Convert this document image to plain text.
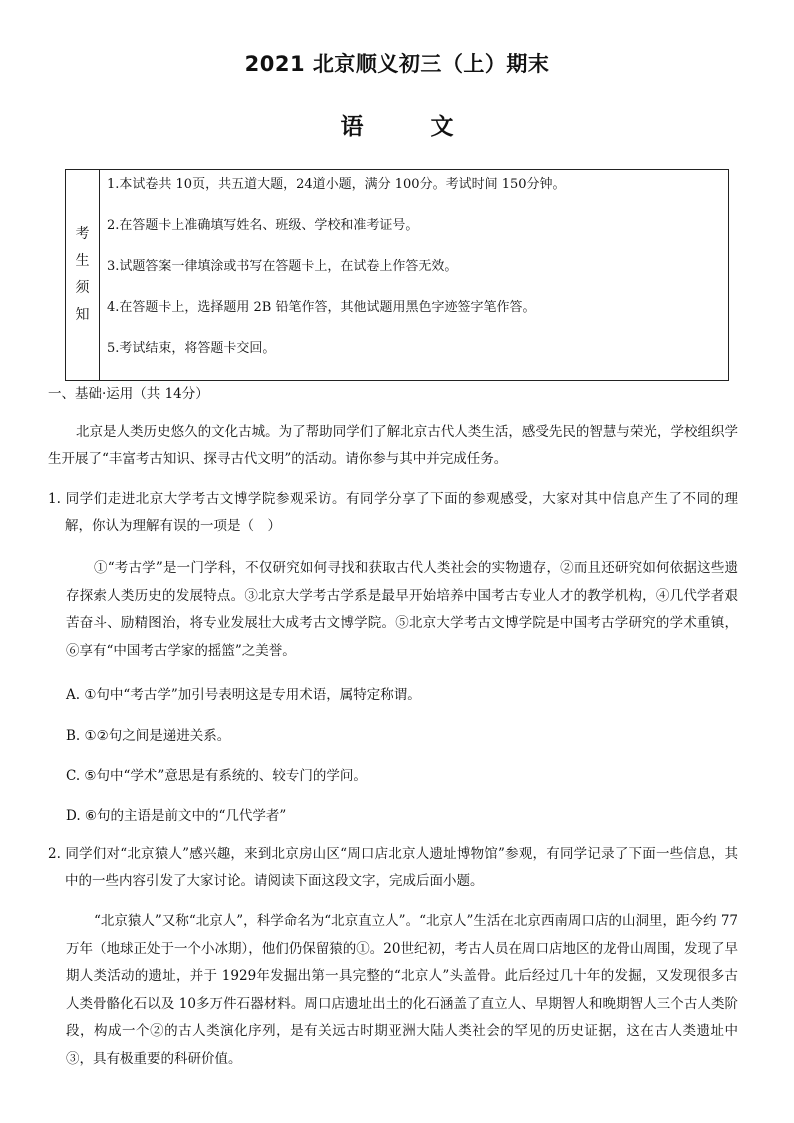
2021 北京顺义初三（上）期末
语　文
考
生
须
知
1.本试卷共 10页，共五道大题，24道小题，满分 100分。考试时间 150分钟。
2.在答题卡上准确填写姓名、班级、学校和准考证号。
3.试题答案一律填涂或书写在答题卡上，在试卷上作答无效。
4.在答题卡上，选择题用 2B 铅笔作答，其他试题用黑色字迹签字笔作答。
5.考试结束，将答题卡交回。
一、基础·运用（共 14分）
北京是人类历史悠久的文化古城。为了帮助同学们了解北京古代人类生活，感受先民的智慧与荣光，学校组织学生开展了“丰富考古知识、探寻古代文明”的活动。请你参与其中并完成任务。
1. 同学们走进北京大学考古文博学院参观采访。有同学分享了下面的参观感受，大家对其中信息产生了不同的理解，你认为理解有误的一项是（　）
①“考古学”是一门学科，不仅研究如何寻找和获取古代人类社会的实物遗存，②而且还研究如何依据这些遗存探索人类历史的发展特点。③北京大学考古学系是最早开始培养中国考古专业人才的教学机构，④几代学者艰苦奋斗、励精图治，将专业发展壮大成考古文博学院。⑤北京大学考古文博学院是中国考古学研究的学术重镇，⑥享有“中国考古学家的摇篮”之美誉。
A. ①句中“考古学”加引号表明这是专用术语，属特定称谓。
B. ①②句之间是递进关系。
C. ⑤句中“学术”意思是有系统的、较专门的学问。
D. ⑥句的主语是前文中的“几代学者”
2. 同学们对“北京猿人”感兴趣，来到北京房山区“周口店北京人遗址博物馆”参观，有同学记录了下面一些信息，其中的一些内容引发了大家讨论。请阅读下面这段文字，完成后面小题。
“北京猿人”又称“北京人”，科学命名为“北京直立人”。“北京人”生活在北京西南周口店的山洞里，距今约 77万年（地球正处于一个小冰期），他们仍保留猿的①。20世纪初，考古人员在周口店地区的龙骨山周围，发现了早期人类活动的遗址，并于 1929年发掘出第一具完整的“北京人”头盖骨。此后经过几十年的发掘，又发现很多古人类骨骼化石以及 10多万件石器材料。周口店遗址出土的化石涵盖了直立人、早期智人和晚期智人三个古人类阶段，构成一个②的古人类演化序列，是有关远古时期亚洲大陆人类社会的罕见的历史证据，这在古人类遗址中③，具有极重要的科研价值。
